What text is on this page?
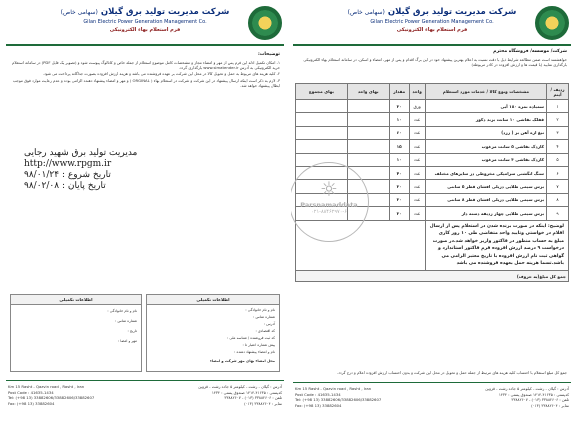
شرکت مدیریت تولید برق گیلان (سهامی خاص)
Gilan Electric Power Generation Management Co.
فرم استعلام بهاء الکترونیکی
توضیحات:
۱- امکان تکمیل ادله این فرم پس از مهر و امضاء مجاز و مشخصات کامل موضوع استعلام از جمله خاص و کاتالوگ پیوست شود و (تصویر یک فایل PDF) در سامانه استعلام خرید الکترونیکی به آدرس www.simatender.ir بارگذاری گردد.
۲- کلیه هزینه های مربوط به حمل و تحویل کالا در محل این شرکت بر عهده فروشنده می باشد و هزینه ارزش افزوده بصورت جداگانه پرداخت می شود.
۳- لازم به ذکر است اینکه ارسال پیشنهاد در این شرکت و شرکت در استعلام بهاء ( ORGINAL ) و مهر و امضاء پیشنهاد دهنده الزامی بوده و عدم رعایت موارد فوق موجب ابطال پیشنهاد خواهد شد.
مدیریت تولید برق شهید رجایی
http://www.rpgm.ir
تاریخ شروع : ۹۸/۰۱/۲۴
تاریخ پایان : ۹۸/۰۲/۰۸
اطلاعات تکمیلی
نام و نام خانوادگی :
شماره تماس :
تاریخ :
مهر و امضا :
اطلاعات تکمیلی
نام و نام خانوادگی :
شماره تماس :
آدرس :
کد اقتصادی :
کد ثبت فروشنده / شناسه ملی :
پیش شماره اعتبار تا :
نام و امضاء پیشنهاد دهنده :
محل امضاء بهای مهر شرکت و امضاء
Km 15 Rasht - Qazvin road , Rasht , Iran
Post Code : 41635-1434
Tel: (+98 13) 33882606/33882606/33882607
Fax: (+98 13) 33882604
آدرس : گیلان - رشت - کیلومتر ۵ جاده رشت - قزوین
کدپستی : ۴۱۶۳۵-۱۴۱۴ صندوق پستی : ۱۴۳۴
تلفن : ۳۳۸۸۲۶۰۶ (۰۱۳) - ۳۳۸۸۲۶۰۷
نمابر : ۳۳۸۸۲۶۰۴ (۰۱۳)
شرکت مدیریت تولید برق گیلان (سهامی خاص)
Gilan Electric Power Generation Management Co.
فرم استعلام بهاء الکترونیکی
شرکت/ موسسه/ فروشگاه محترم
خواهشمند است ضمن مطالعه شرایط ذیل با دقت نسبت به اعلام بهترین پیشنهاد خود در این برگ اقدام و پس از مهر، امضاء و اسکن، در سامانه استعلام بهاء الکترونیکی بارگذاری نمایید (با قیمت ها و ارزش افزوده در کادر مربوطه)
ردیف / آیتم	مشخصات ونوع کالا / خدمات مورد استعلام	واحد	مقدار	بهای واحد	بهای مجموع
۱	سمباده نمره ۱۸۰ آبی	ورق	۲۰		
۲	قفلک نقاشی ۱۰ سانت برند دکور	عدد	۱۰		
۳	تیغ اره آهن بر ( زرد)	عدد	۶۰		
۴	کاردک نقاشی ۵ سانت مرغوب	عدد	۱۵		
۵	کاردک نقاشی ۳ سانت مرغوب	عدد	۱۰		
۶	سنگ انگشتی سرامیکی مخروطی در سایزهای مختلف	عدد	۴۰		
۷	برس سیمی طلایی دریلی افشان قطر ۵ سانتی	عدد	۲۰		
۸	برس سیمی طلایی دریلی افشان قطر ۸ سانتی	عدد	۲۰		
۹	برس سیمی طلایی چهار ردیفه دسته دار	عدد	۲۰		

لوضیح: اینکه در صورت برنده شدن در استعلام پس از ارسال اقلام در خواستی وتایید واحد متقاضی طی ۱۰ روز کاری مبلغ به حساب منظور در فاکتور واریز خواهد شد.در صورت درخواست ۹ درصد ارزش افزوده فرم فاکتور استاندارد و گواهی ثبت نام ارزش افزوده با تاریخ معتبر الزامی می باشد.تسما هزینه حمل بعهده فروشنده می باشد					

جمع کل مبلغ(به حروف)					
☼
Parsnamaddata
۰۲۱-۸۸۴۶۲۹۷۰-۶
جمع کل مبلغ استعلام با احتساب کلیه هزینه های مرتبط از جمله حمل و تحویل در محل این شرکت و بدون احتساب ارزش افزوده اعلام و درج گردد.
Km 15 Rasht - Qazvin road , Rasht , Iran
Post Code : 41635-1434
Tel: (+98 13) 33882606/33882606/33882607
Fax: (+98 13) 33882604
آدرس : گیلان - رشت - کیلومتر ۵ جاده رشت - قزوین
کدپستی : ۴۱۶۳۵-۱۴۱۴ صندوق پستی : ۱۴۳۴
تلفن : ۳۳۸۸۲۶۰۶ (۰۱۳) - ۳۳۸۸۲۶۰۷
نمابر : ۳۳۸۸۲۶۰۴ (۰۱۳)
